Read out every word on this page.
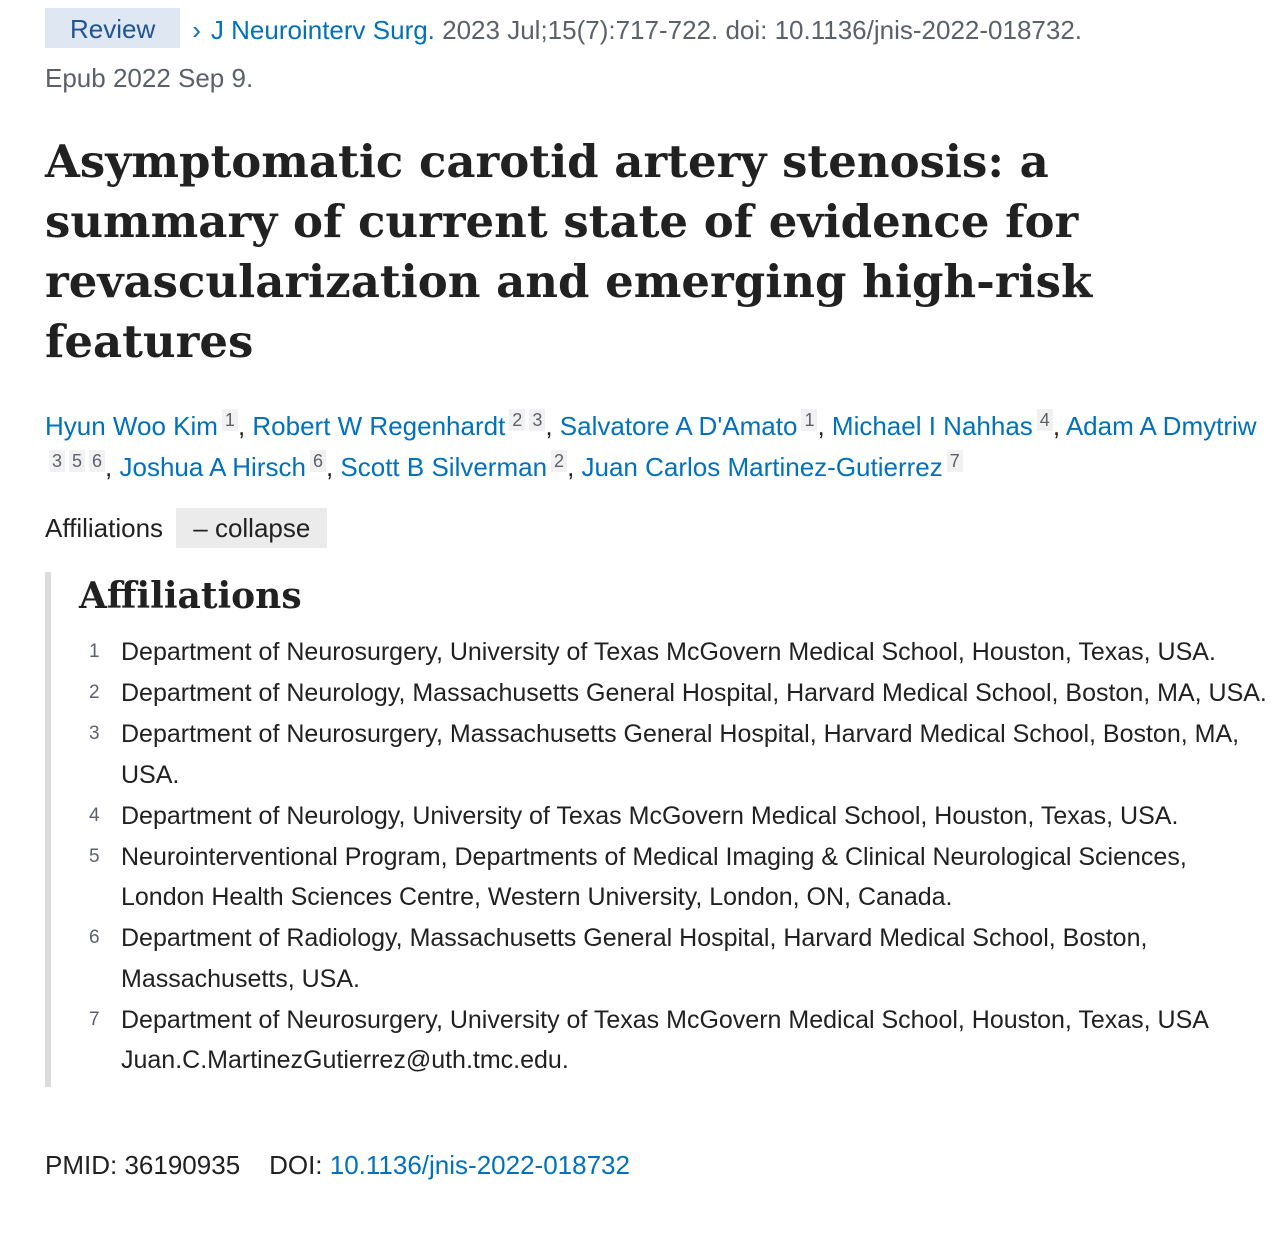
Review › J Neurointerv Surg. 2023 Jul;15(7):717-722. doi: 10.1136/jnis-2022-018732.
Epub 2022 Sep 9.
Asymptomatic carotid artery stenosis: a summary of current state of evidence for revascularization and emerging high-risk features
Hyun Woo Kim $^1$ , Robert W Regenhardt $^2$ $^3$ , Salvatore A D'Amato $^1$ , Michael I Nahhas $^4$ , Adam A Dmytriw$^3$ $^5$ $^6$ , Joshua A Hirsch $^6$ , Scott B Silverman $^2$ , Juan Carlos Martinez-Gutierrez $^7$
Affiliations – collapse
Affiliations
1 Department of Neurosurgery, University of Texas McGovern Medical School, Houston, Texas, USA.
2 Department of Neurology, Massachusetts General Hospital, Harvard Medical School, Boston, MA, USA.
3 Department of Neurosurgery, Massachusetts General Hospital, Harvard Medical School, Boston, MA, USA.
4 Department of Neurology, University of Texas McGovern Medical School, Houston, Texas, USA.
5 Neurointerventional Program, Departments of Medical Imaging & Clinical Neurological Sciences, London Health Sciences Centre, Western University, London, ON, Canada.
6 Department of Radiology, Massachusetts General Hospital, Harvard Medical School, Boston, Massachusetts, USA.
7 Department of Neurosurgery, University of Texas McGovern Medical School, Houston, Texas, USA Juan.C.MartinezGutierrez@uth.tmc.edu.
PMID: 36190935 DOI: 10.1136/jnis-2022-018732
